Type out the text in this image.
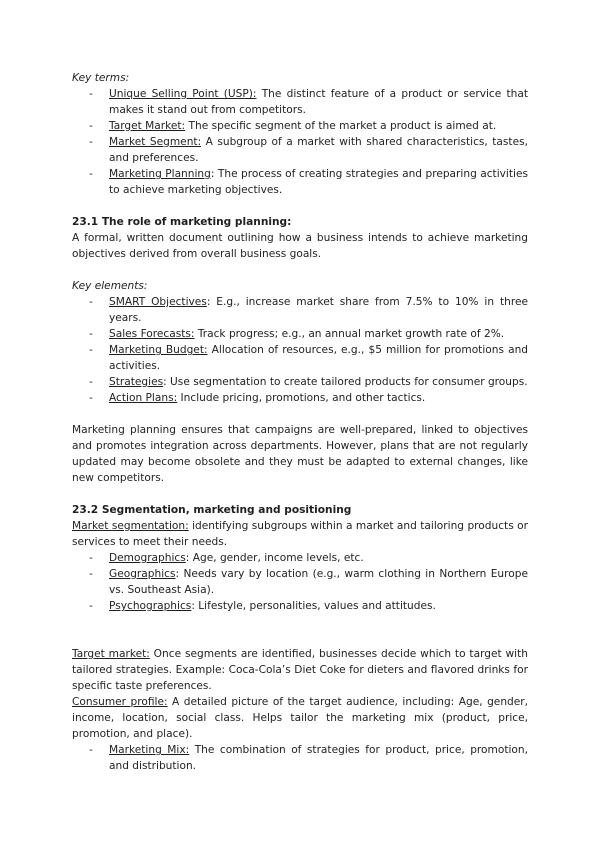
Key terms:

- Unique Selling Point (USP): The distinct feature of a product or service that makes it stand out from competitors.
- Target Market: The specific segment of the market a product is aimed at.
- Market Segment: A subgroup of a market with shared characteristics, tastes, and preferences.
- Marketing Planning: The process of creating strategies and preparing activities to achieve marketing objectives.

23.1 The role of marketing planning:

A formal, written document outlining how a business intends to achieve marketing objectives derived from overall business goals.

Key elements:

- SMART Objectives: E.g., increase market share from 7.5% to 10% in three years.
- Sales Forecasts: Track progress; e.g., an annual market growth rate of 2%.
- Marketing Budget: Allocation of resources, e.g., $5 million for promotions and activities.
- Strategies: Use segmentation to create tailored products for consumer groups.
- Action Plans: Include pricing, promotions, and other tactics.

Marketing planning ensures that campaigns are well-prepared, linked to objectives and promotes integration across departments. However, plans that are not regularly updated may become obsolete and they must be adapted to external changes, like new competitors.

23.2 Segmentation, marketing and positioning

Market segmentation: identifying subgroups within a market and tailoring products or services to meet their needs.

- Demographics: Age, gender, income levels, etc.
- Geographics: Needs vary by location (e.g., warm clothing in Northern Europe vs. Southeast Asia).
- Psychographics: Lifestyle, personalities, values and attitudes.

Target market: Once segments are identified, businesses decide which to target with tailored strategies. Example: Coca-Cola’s Diet Coke for dieters and flavored drinks for specific taste preferences.

Consumer profile: A detailed picture of the target audience, including: Age, gender, income, location, social class. Helps tailor the marketing mix (product, price, promotion, and place).

- Marketing Mix: The combination of strategies for product, price, promotion, and distribution.
